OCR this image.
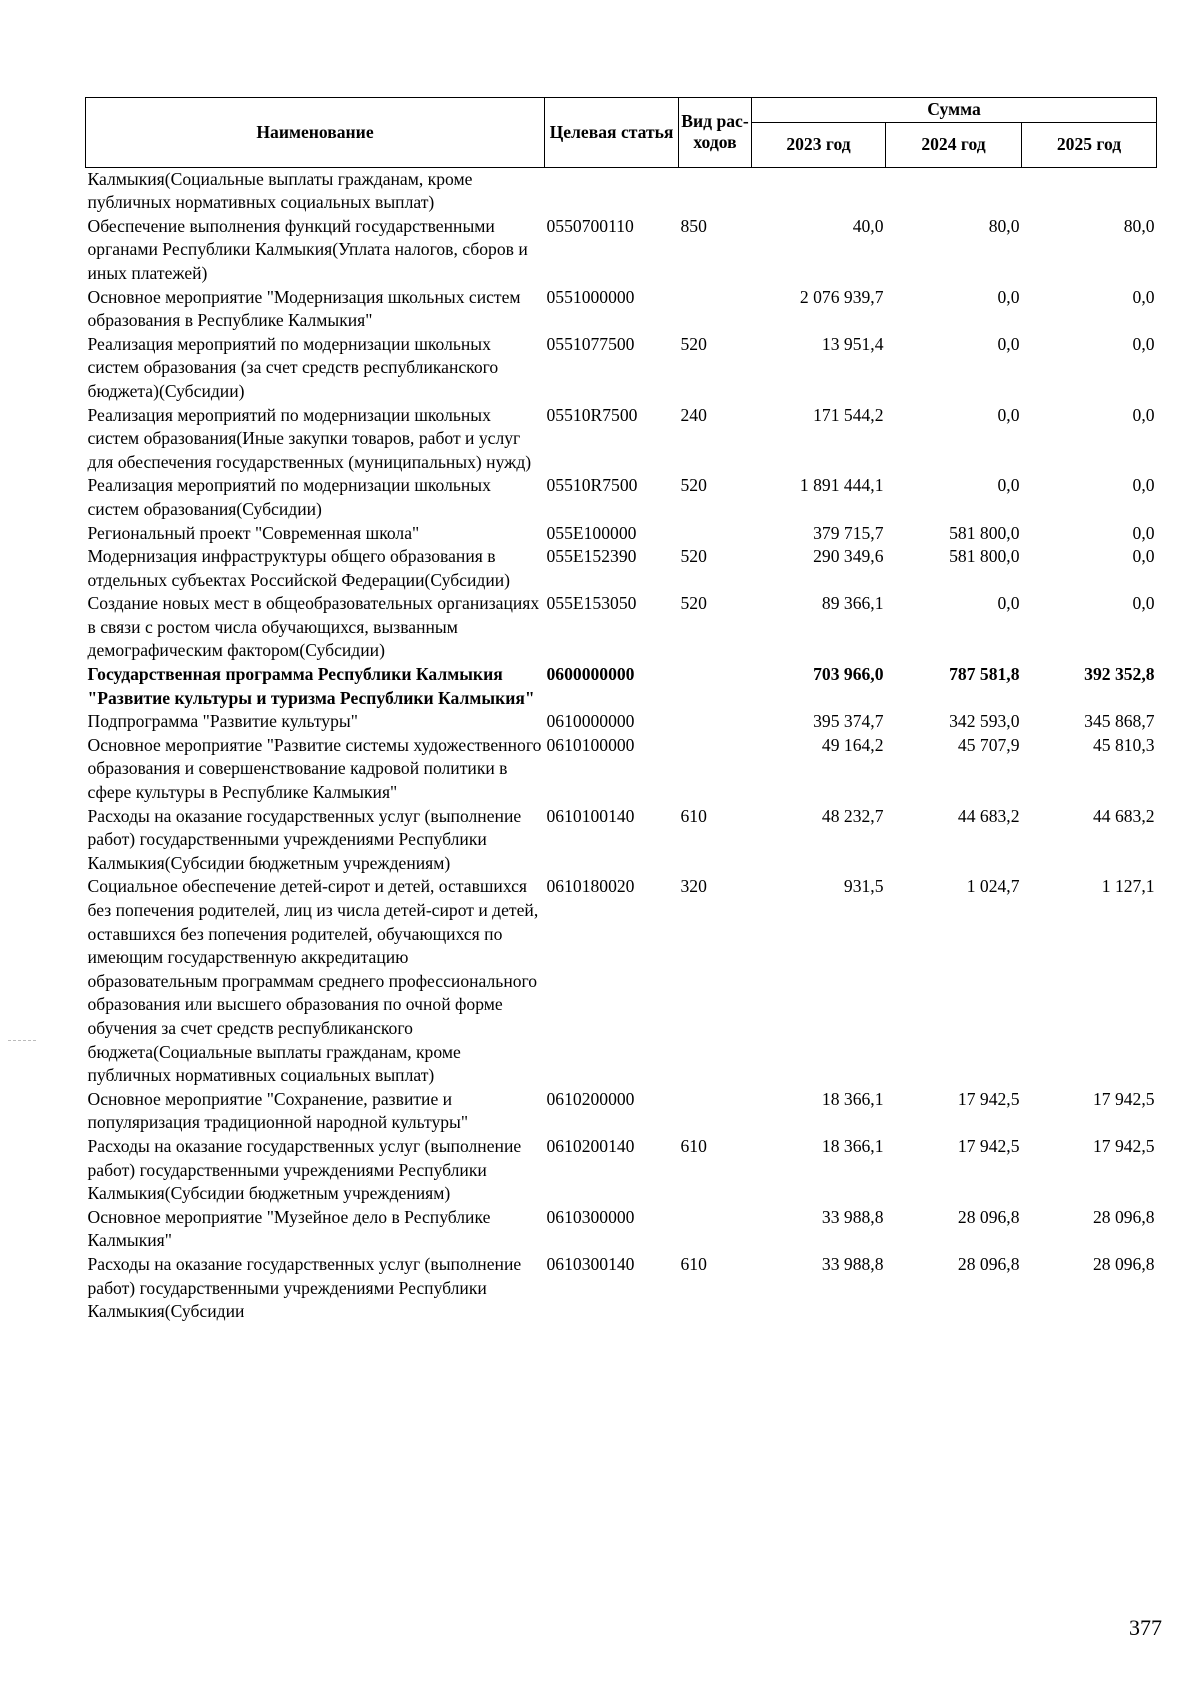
Наименование	Целевая статья	Вид рас-ходов	Сумма		
			2023 год	2024 год	2025 год
Калмыкия(Социальные выплаты гражданам, кроме публичных нормативных социальных выплат)					
Обеспечение выполнения функций государственными органами Республики Калмыкия(Уплата налогов, сборов и иных платежей)	0550700110	850	40,0	80,0	80,0
Основное мероприятие "Модернизация школьных систем образования в Республике Калмыкия"	0551000000		2 076 939,7	0,0	0,0
Реализация мероприятий по модернизации школьных систем образования (за счет средств республиканского бюджета)(Субсидии)	0551077500	520	13 951,4	0,0	0,0
Реализация мероприятий по модернизации школьных систем образования(Иные закупки товаров, работ и услуг для обеспечения государственных (муниципальных) нужд)	05510R7500	240	171 544,2	0,0	0,0
Реализация мероприятий по модернизации школьных систем образования(Субсидии)	05510R7500	520	1 891 444,1	0,0	0,0
Региональный проект "Современная школа"	055E100000		379 715,7	581 800,0	0,0
Модернизация инфраструктуры общего образования в отдельных субъектах Российской Федерации(Субсидии)	055E152390	520	290 349,6	581 800,0	0,0
Создание новых мест в общеобразовательных организациях в связи с ростом числа обучающихся, вызванным демографическим фактором(Субсидии)	055E153050	520	89 366,1	0,0	0,0
Государственная программа Республики Калмыкия "Развитие культуры и туризма Республики Калмыкия"	0600000000		703 966,0	787 581,8	392 352,8
Подпрограмма "Развитие культуры"	0610000000		395 374,7	342 593,0	345 868,7
Основное мероприятие "Развитие системы художественного образования и совершенствование кадровой политики в сфере культуры в Республике Калмыкия"	0610100000		49 164,2	45 707,9	45 810,3
Расходы на оказание государственных услуг (выполнение работ) государственными учреждениями Республики Калмыкия(Субсидии бюджетным учреждениям)	0610100140	610	48 232,7	44 683,2	44 683,2
Социальное обеспечение детей-сирот и детей, оставшихся без попечения родителей, лиц из числа детей-сирот и детей, оставшихся без попечения родителей, обучающихся по имеющим государственную аккредитацию образовательным программам среднего профессионального образования или высшего образования по очной форме обучения за счет средств республиканского бюджета(Социальные выплаты гражданам, кроме публичных нормативных социальных выплат)	0610180020	320	931,5	1 024,7	1 127,1
Основное мероприятие "Сохранение, развитие и популяризация традиционной народной культуры"	0610200000		18 366,1	17 942,5	17 942,5
Расходы на оказание государственных услуг (выполнение работ) государственными учреждениями Республики Калмыкия(Субсидии бюджетным учреждениям)	0610200140	610	18 366,1	17 942,5	17 942,5
Основное мероприятие "Музейное дело в Республике Калмыкия"	0610300000		33 988,8	28 096,8	28 096,8
Расходы на оказание государственных услуг (выполнение работ) государственными учреждениями Республики Калмыкия(Субсидии	0610300140	610	33 988,8	28 096,8	28 096,8
377
